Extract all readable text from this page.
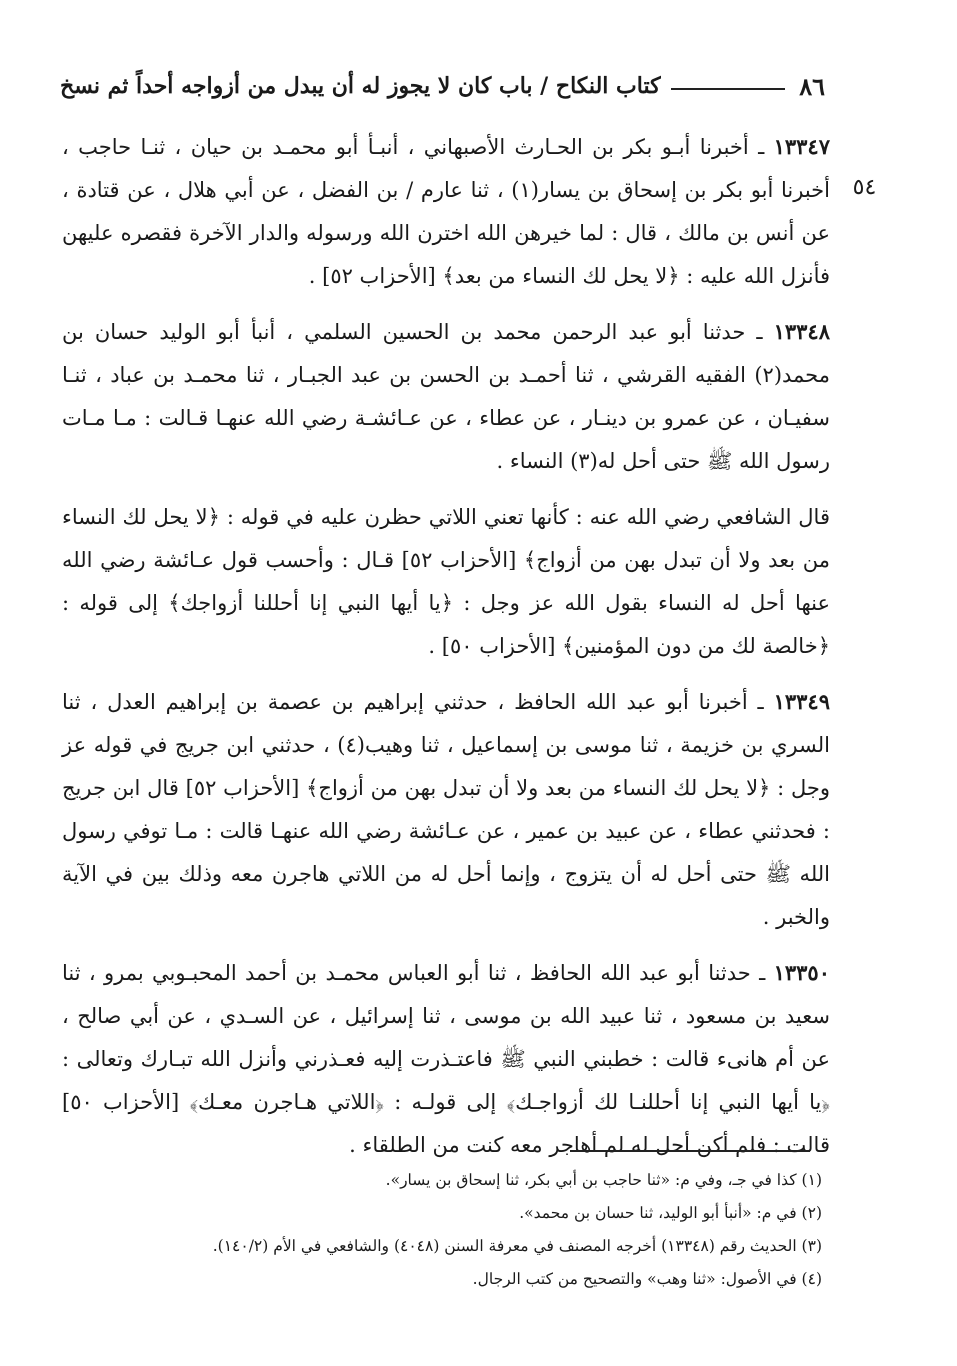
٨٦
كتاب النكاح / باب كان لا يجوز له أن يبدل من أزواجه أحداً ثم نسخ
٥٤

١٣٣٤٧ ـ أخبرنا أبـو بكر بن الحـارث الأصبهاني ، أنبـأ أبو محمـد بن حيان ، ثنـا حاجب ، أخبرنا أبو بكر بن إسحاق بن يسار(١) ، ثنا عارم / بن الفضل ، عن أبي هلال ، عن قتادة ، عن أنس بن مالك ، قال : لما خيرهن الله اخترن الله ورسوله والدار الآخرة فقصره عليهن فأنزل الله عليه : ﴿لا يحل لك النساء من بعد﴾ [الأحزاب ٥٢] .

١٣٣٤٨ ـ حدثنا أبو عبد الرحمن محمد بن الحسين السلمي ، أنبأ أبو الوليد حسان بن محمد(٢) الفقيه القرشي ، ثنا أحمـد بن الحسن بن عبد الجبـار ، ثنا محمـد بن عباد ، ثنـا سفيـان ، عن عمرو بن دينـار ، عن عطاء ، عن عـائشـة رضي الله عنهـا قـالت : مـا مـات رسول الله ﷺ حتى أحل له(٣) النساء .

قال الشافعي رضي الله عنه : كأنها تعني اللاتي حظرن عليه في قوله : ﴿لا يحل لك النساء من بعد ولا أن تبدل بهن من أزواج﴾ [الأحزاب ٥٢] قـال : وأحسب قول عـائشة رضي الله عنها أحل له النساء بقول الله عز وجل : ﴿يا أيها النبي إنا أحللنا أزواجك﴾ إلى قوله : ﴿خالصة لك من دون المؤمنين﴾ [الأحزاب ٥٠] .

١٣٣٤٩ ـ أخبرنا أبو عبد الله الحافظ ، حدثني إبراهيم بن عصمة بن إبراهيم العدل ، ثنا السري بن خزيمة ، ثنا موسى بن إسماعيل ، ثنا وهيب(٤) ، حدثني ابن جريج في قوله عز وجل : ﴿لا يحل لك النساء من بعد ولا أن تبدل بهن من أزواج﴾ [الأحزاب ٥٢] قال ابن جريج : فحدثني عطاء ، عن عبيد بن عمير ، عن عـائشة رضي الله عنهـا قالت : مـا توفي رسول الله ﷺ حتى أحل له أن يتزوج ، وإنما أحل له من اللاتي هاجرن معه وذلك بين في الآية والخبر .

١٣٣٥٠ ـ حدثنا أبو عبد الله الحافظ ، ثنا أبو العباس محمـد بن أحمد المحبـوبي بمرو ، ثنا سعيد بن مسعود ، ثنا عبيد الله بن موسى ، ثنا إسرائيل ، عن السـدي ، عن أبي صالح ، عن أم هانىء قالت : خطبني النبي ﷺ فاعتـذرت إليه فعـذرني وأنزل الله تبـارك وتعالى : ﴿يا أيها النبي إنا أحللنـا لك أزواجـك﴾ إلى قولـه : ﴿اللاتي هـاجرن معـك﴾ [الأحزاب ٥٠] قالت : فلم أكن أحل له لم أهاجر معه كنت من الطلقاء .

(١) كذا في جـ، وفي م: «ثنا حاجب بن أبي بكر، ثنا إسحاق بن يسار».
(٢) في م: «أنبأ أبو الوليد، ثنا حسان بن محمد».
(٣) الحديث رقم (١٣٣٤٨) أخرجه المصنف في معرفة السنن (٤٠٤٨) والشافعي في الأم (١٤٠/٢).
(٤) في الأصول: «ثنا وهب» والتصحيح من كتب الرجال.
